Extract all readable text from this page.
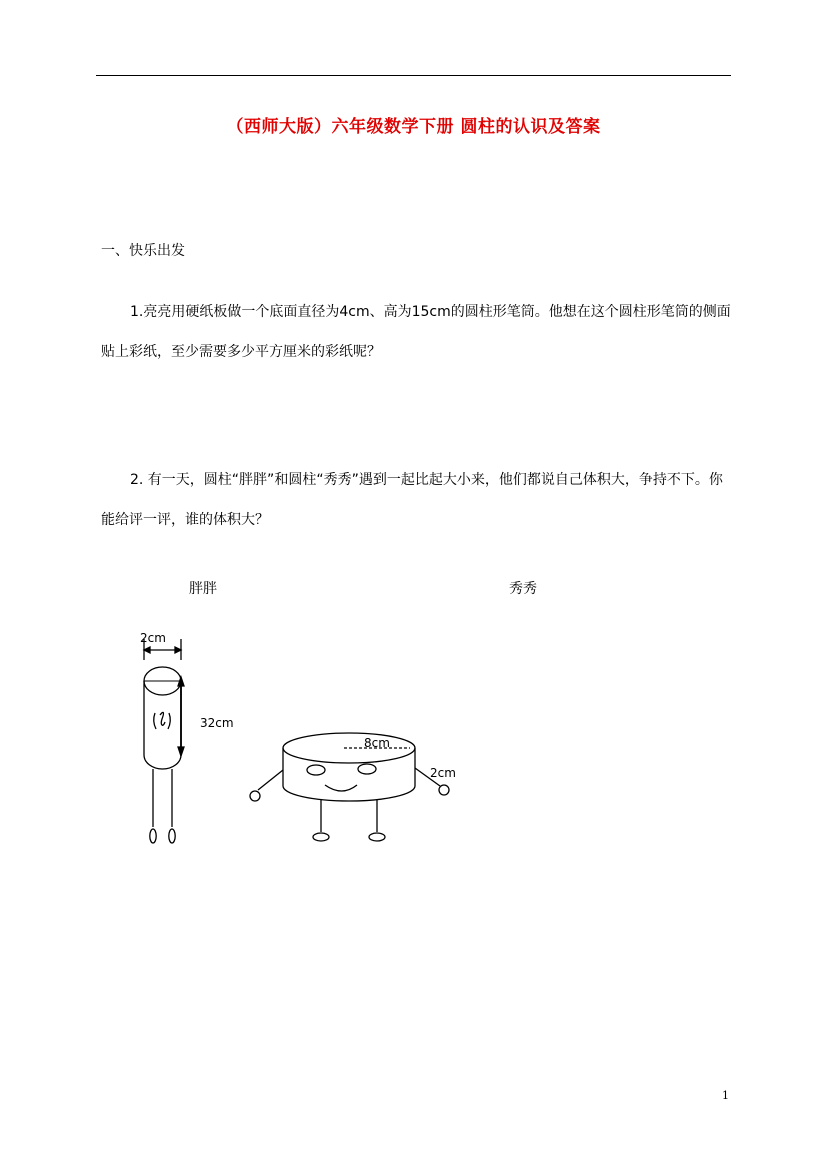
（西师大版）六年级数学下册 圆柱的认识及答案
一、快乐出发
1.亮亮用硬纸板做一个底面直径为4cm、高为15cm的圆柱形笔筒。他想在这个圆柱形笔筒的侧面贴上彩纸，至少需要多少平方厘米的彩纸呢？
2. 有一天，圆柱“胖胖”和圆柱“秀秀”遇到一起比起大小来，他们都说自己体积大，争持不下。你能给评一评，谁的体积大？
胖胖	秀秀
2cm
32cm
8cm
2cm
1
